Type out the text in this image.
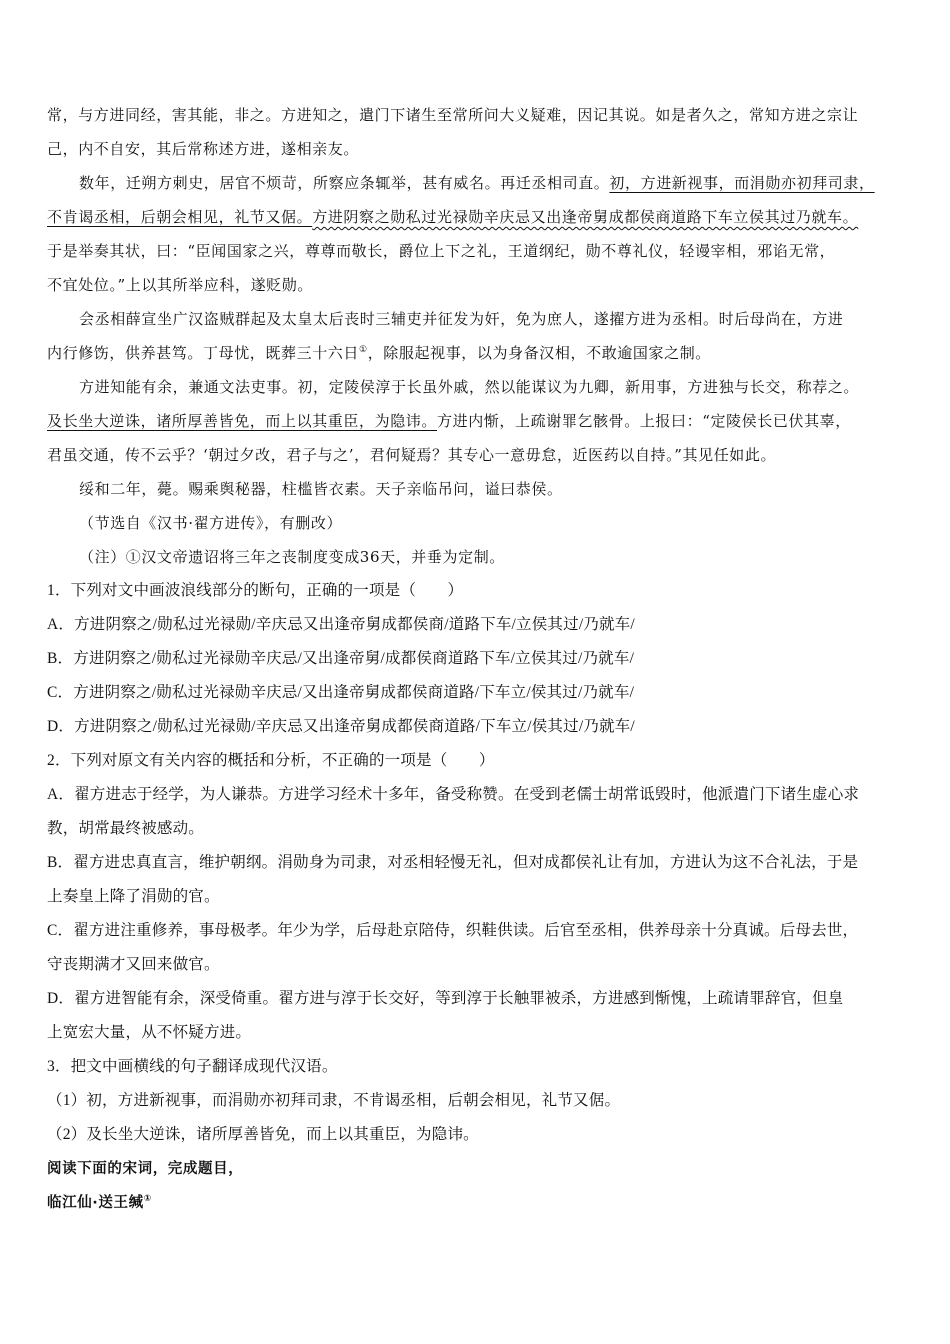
常，与方进同经，害其能，非之。方进知之，遣门下诸生至常所问大义疑难，因记其说。如是者久之，常知方进之宗让
己，内不自安，其后常称述方进，遂相亲友。
数年，迁朔方刺史，居官不烦苛，所察应条辄举，甚有威名。再迁丞相司直。初，方进新视事，而涓勋亦初拜司隶，
不肯谒丞相，后朝会相见，礼节又倨。方进阴察之勋私过光禄勋辛庆忌又出逢帝舅成都侯商道路下车立侯其过乃就车。
于是举奏其状，曰：“臣闻国家之兴，尊尊而敬长，爵位上下之礼，王道纲纪，勋不尊礼仪，轻谩宰相，邪谄无常，
不宜处位。”上以其所举应科，遂贬勋。
会丞相薛宣坐广汉盗贼群起及太皇太后丧时三辅吏并征发为奸，免为庶人，遂擢方进为丞相。时后母尚在，方进
内行修饬，供养甚笃。丁母忧，既葬三十六日①，除服起视事，以为身备汉相，不敢逾国家之制。
方进知能有余，兼通文法吏事。初，定陵侯淳于长虽外戚，然以能谋议为九卿，新用事，方进独与长交，称荐之。
及长坐大逆诛，诸所厚善皆免，而上以其重臣，为隐讳。方进内惭，上疏谢罪乞骸骨。上报曰：“定陵侯长已伏其辜，
君虽交通，传不云乎？‘朝过夕改，君子与之’，君何疑焉？其专心一意毋怠，近医药以自持。”其见任如此。
绥和二年，薨。赐乘舆秘器，柱槛皆衣素。天子亲临吊问，谥曰恭侯。
（节选自《汉书·翟方进传》，有删改）
（注）①汉文帝遗诏将三年之丧制度变成36天，并垂为定制。
1．下列对文中画波浪线部分的断句，正确的一项是（　　）
A．方进阴察之/勋私过光禄勋/辛庆忌又出逢帝舅成都侯商/道路下车/立侯其过/乃就车/
B．方进阴察之/勋私过光禄勋辛庆忌/又出逢帝舅/成都侯商道路下车/立侯其过/乃就车/
C．方进阴察之/勋私过光禄勋辛庆忌/又出逢帝舅成都侯商道路/下车立/侯其过/乃就车/
D．方进阴察之/勋私过光禄勋/辛庆忌又出逢帝舅成都侯商道路/下车立/侯其过/乃就车/
2．下列对原文有关内容的概括和分析，不正确的一项是（　　）
A．翟方进志于经学，为人谦恭。方进学习经术十多年，备受称赞。在受到老儒士胡常诋毁时，他派遣门下诸生虚心求
教，胡常最终被感动。
B．翟方进忠真直言，维护朝纲。涓勋身为司隶，对丞相轻慢无礼，但对成都侯礼让有加，方进认为这不合礼法，于是
上奏皇上降了涓勋的官。
C．翟方进注重修养，事母极孝。年少为学，后母赴京陪侍，织鞋供读。后官至丞相，供养母亲十分真诚。后母去世，
守丧期满才又回来做官。
D．翟方进智能有余，深受倚重。翟方进与淳于长交好，等到淳于长触罪被杀，方进感到惭愧，上疏请罪辞官，但皇
上宽宏大量，从不怀疑方进。
3．把文中画横线的句子翻译成现代汉语。
（1）初，方进新视事，而涓勋亦初拜司隶，不肯谒丞相，后朝会相见，礼节又倨。
（2）及长坐大逆诛，诸所厚善皆免，而上以其重臣，为隐讳。
阅读下面的宋词，完成题目，
临江仙·送王缄①
